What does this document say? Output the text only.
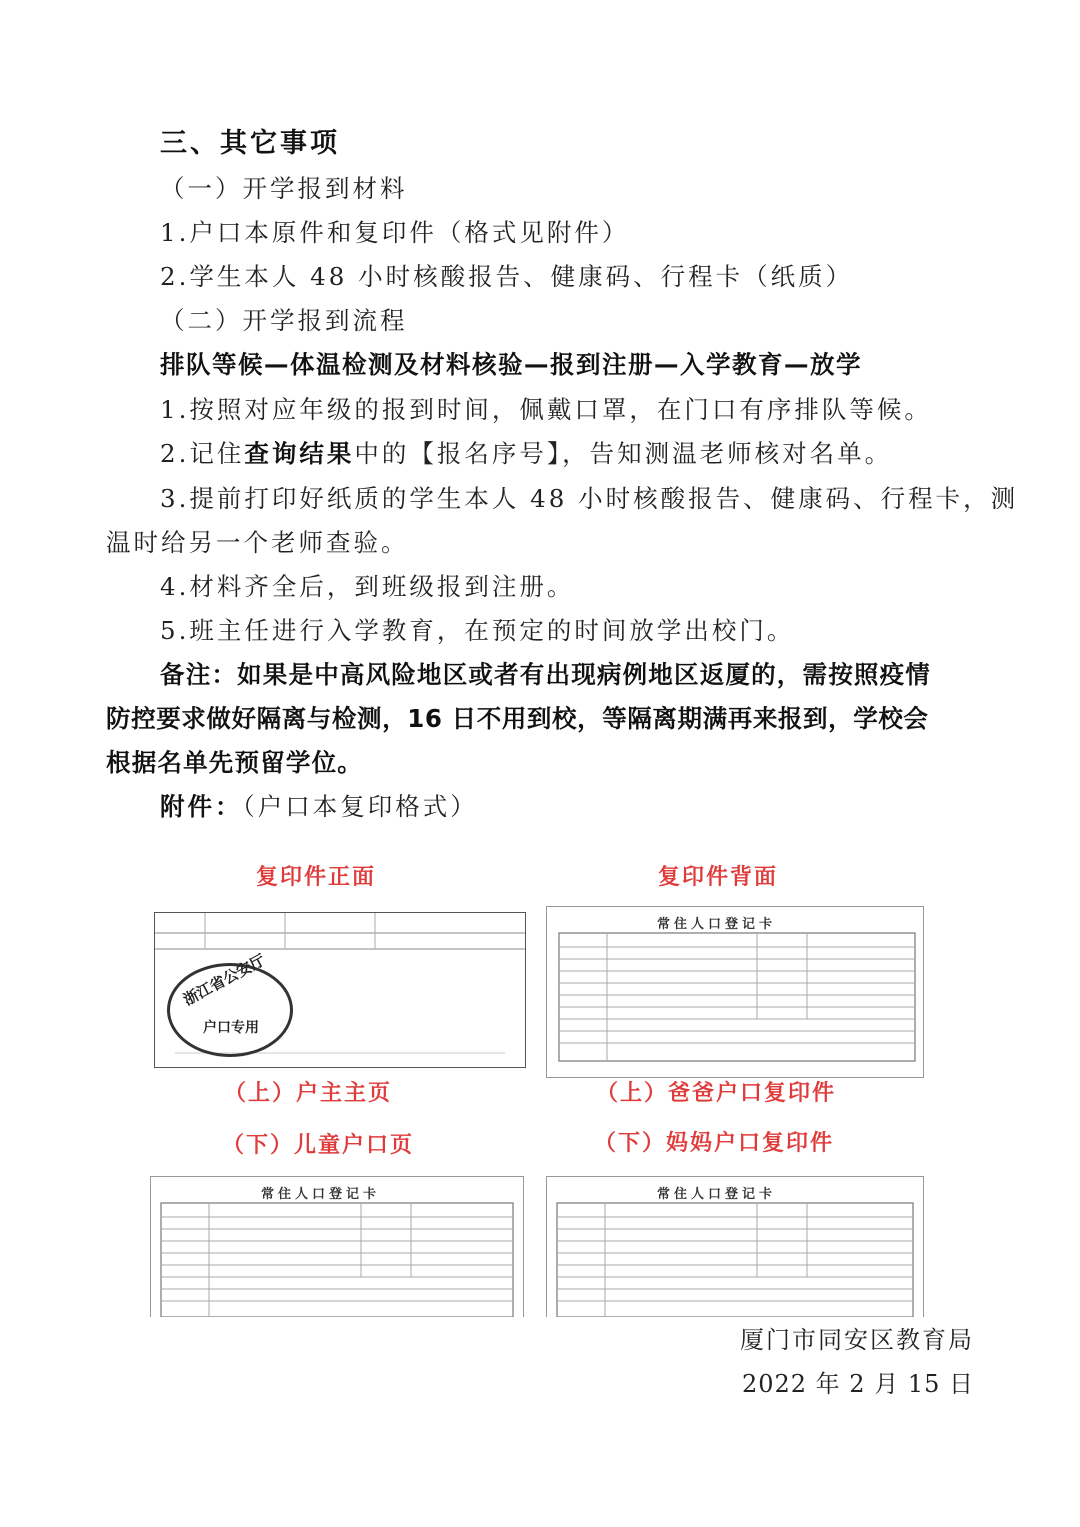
三、其它事项
（一）开学报到材料
1.户口本原件和复印件（格式见附件）
2.学生本人 48 小时核酸报告、健康码、行程卡（纸质）
（二）开学报到流程
排队等候—体温检测及材料核验—报到注册—入学教育—放学
1.按照对应年级的报到时间，佩戴口罩，在门口有序排队等候。
2.记住查询结果中的【报名序号】，告知测温老师核对名单。
3.提前打印好纸质的学生本人 48 小时核酸报告、健康码、行程卡，测
温时给另一个老师查验。
4.材料齐全后，到班级报到注册。
5.班主任进行入学教育，在预定的时间放学出校门。
备注：如果是中高风险地区或者有出现病例地区返厦的，需按照疫情
防控要求做好隔离与检测，16 日不用到校，等隔离期满再来报到，学校会
根据名单先预留学位。
附件：（户口本复印格式）
复印件正面	复印件背面
浙江省公安厅
户口专用
常住人口登记卡
（上）户主主页	（上）爸爸户口复印件
（下）儿童户口页	（下）妈妈户口复印件
常住人口登记卡	常住人口登记卡
厦门市同安区教育局
2022 年 2 月 15 日
